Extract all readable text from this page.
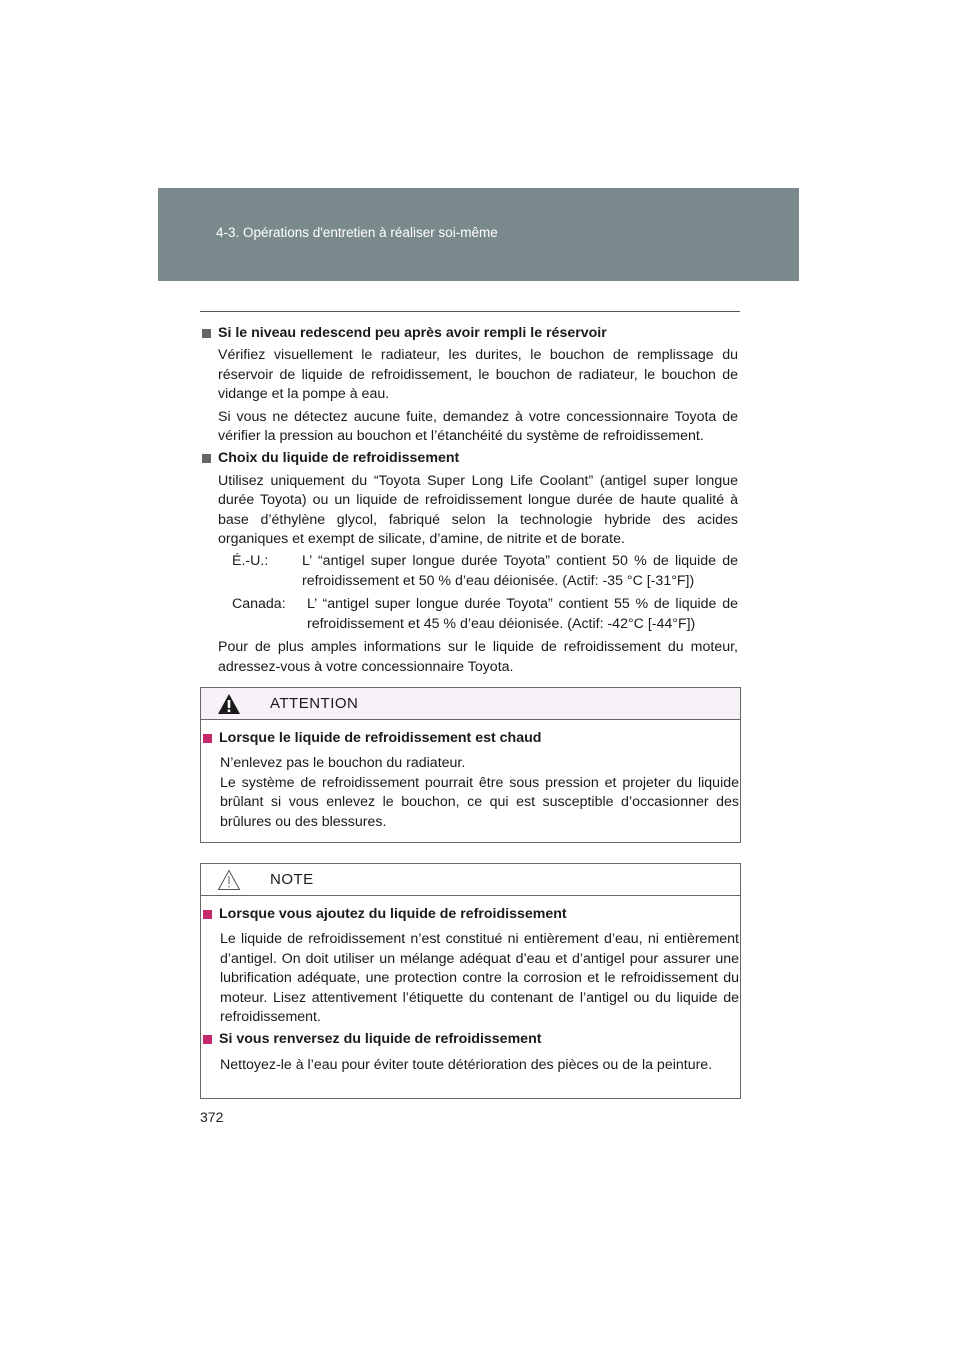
4-3. Opérations d'entretien à réaliser soi-même
Si le niveau redescend peu après avoir rempli le réservoir
Vérifiez visuellement le radiateur, les durites, le bouchon de remplissage du réservoir de liquide de refroidissement, le bouchon de radiateur, le bouchon de vidange et la pompe à eau.
Si vous ne détectez aucune fuite, demandez à votre concessionnaire Toyota de vérifier la pression au bouchon et l’étanchéité du système de refroidissement.
Choix du liquide de refroidissement
Utilisez uniquement du “Toyota Super Long Life Coolant” (antigel super longue durée Toyota) ou un liquide de refroidissement longue durée de haute qualité à base d’éthylène glycol, fabriqué selon la technologie hybride des acides organiques et exempt de silicate, d’amine, de nitrite et de borate.
É.-U.:	L’ “antigel super longue durée Toyota” contient 50 % de liquide de refroidissement et 50 % d’eau déionisée. (Actif: -35 °C [-31°F])
Canada:	L’ “antigel super longue durée Toyota” contient 55 % de liquide de refroidissement et 45 % d’eau déionisée. (Actif: -42°C [-44°F])
Pour de plus amples informations sur le liquide de refroidissement du moteur, adressez-vous à votre concessionnaire Toyota.
ATTENTION
Lorsque le liquide de refroidissement est chaud
N’enlevez pas le bouchon du radiateur.
Le système de refroidissement pourrait être sous pression et projeter du liquide brûlant si vous enlevez le bouchon, ce qui est susceptible d’occasionner des brûlures ou des blessures.
NOTE
Lorsque vous ajoutez du liquide de refroidissement
Le liquide de refroidissement n’est constitué ni entièrement d’eau, ni entièrement d’antigel. On doit utiliser un mélange adéquat d’eau et d’antigel pour assurer une lubrification adéquate, une protection contre la corrosion et le refroidissement du moteur. Lisez attentivement l’étiquette du contenant de l’antigel ou du liquide de refroidissement.
Si vous renversez du liquide de refroidissement
Nettoyez-le à l’eau pour éviter toute détérioration des pièces ou de la peinture.
372
